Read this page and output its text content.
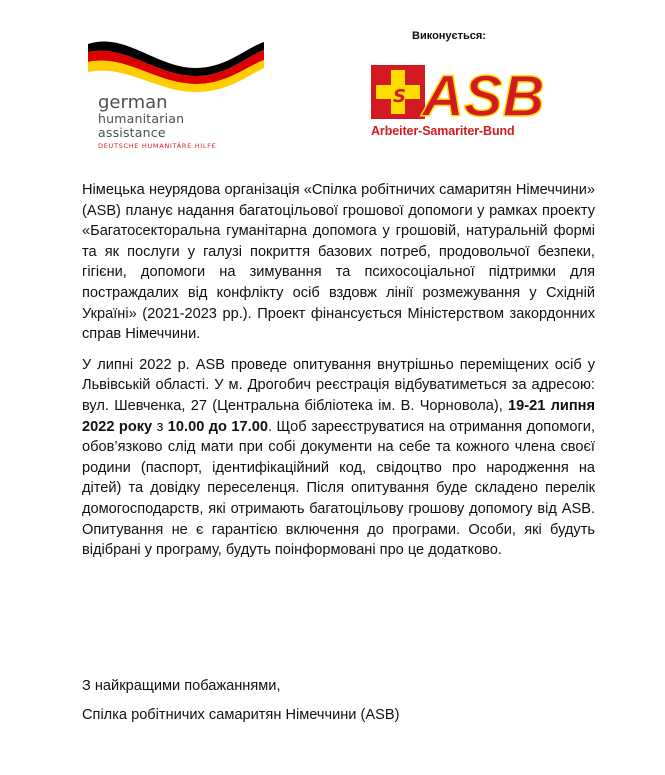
german
humanitarian
assistance
DEUTSCHE HUMANITÄRE HILFE
Виконується:
S ASB
Arbeiter-Samariter-Bund

Німецька неурядова організація «Спілка робітничих самаритян Німеччини» (ASB) планує надання багатоцільової грошової допомоги у рамках проекту «Багатосекторальна гуманітарна допомога у грошовій, натуральній формі та як послуги у галузі покриття базових потреб, продовольчої безпеки, гігієни, допомоги на зимування та психосоціальної підтримки для постраждалих від конфлікту осіб вздовж лінії розмежування у Східній Україні» (2021-2023 рр.). Проект фінансується Міністерством закордонних справ Німеччини.

У липні 2022 р. ASB проведе опитування внутрішньо переміщених осіб у Львівській області. У м. Дрогобич реєстрація відбуватиметься за адресою: вул. Шевченка, 27 (Центральна бібліотека ім. В. Чорновола), 19-21 липня 2022 року з 10.00 до 17.00. Щоб зареєструватися на отримання допомоги, обов’язково слід мати при собі документи на себе та кожного члена своєї родини (паспорт, ідентифікаційний код, свідоцтво про народження на дітей) та довідку переселенця. Після опитування буде складено перелік домогосподарств, які отримають багатоцільову грошову допомогу від ASB. Опитування не є гарантією включення до програми. Особи, які будуть відібрані у програму, будуть поінформовані про це додатково.

З найкращими побажаннями,
Спілка робітничих самаритян Німеччини (ASB)
